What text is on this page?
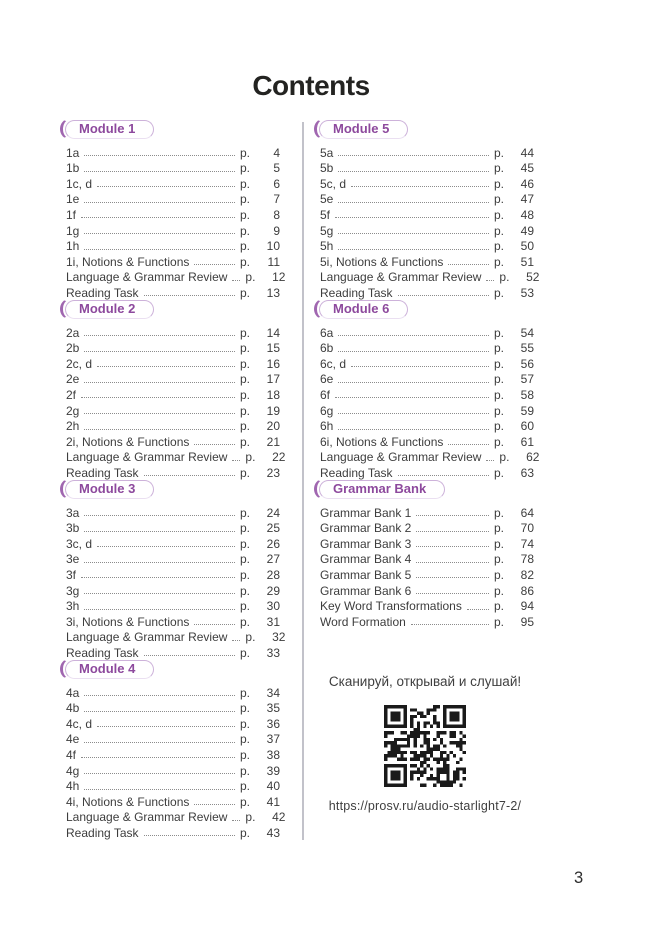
Contents
Module 1
1a	p.	4
1b	p.	5
1c, d	p.	6
1e	p.	7
1f	p.	8
1g	p.	9
1h	p.	10
1i, Notions & Functions	p.	11
Language & Grammar Review p.	12
Reading Task	p.	13
Module 2
2a	p.	14
2b	p.	15
2c, d	p.	16
2e	p.	17
2f	p.	18
2g	p.	19
2h	p.	20
2i, Notions & Functions	p.	21
Language & Grammar Review p.	22
Reading Task	p.	23
Module 3
3a	p.	24
3b	p.	25
3c, d	p.	26
3e	p.	27
3f	p.	28
3g	p.	29
3h	p.	30
3i, Notions & Functions	p.	31
Language & Grammar Review p.	32
Reading Task	p.	33
Module 4
4a	p.	34
4b	p.	35
4c, d	p.	36
4e	p.	37
4f	p.	38
4g	p.	39
4h	p.	40
4i, Notions & Functions	p.	41
Language & Grammar Review p.	42
Reading Task	p.	43
Module 5
5a	p.	44
5b	p.	45
5c, d	p.	46
5e	p.	47
5f	p.	48
5g	p.	49
5h	p.	50
5i, Notions & Functions	p.	51
Language & Grammar Review p.	52
Reading Task	p.	53
Module 6
6a	p.	54
6b	p.	55
6c, d	p.	56
6e	p.	57
6f	p.	58
6g	p.	59
6h	p.	60
6i, Notions & Functions	p.	61
Language & Grammar Review p.	62
Reading Task	p.	63
Grammar Bank
Grammar Bank 1	p.	64
Grammar Bank 2	p.	70
Grammar Bank 3	p.	74
Grammar Bank 4	p.	78
Grammar Bank 5	p.	82
Grammar Bank 6	p.	86
Key Word Transformations	p.	94
Word Formation	p.	95
Сканируй, открывай и слушай!
https://prosv.ru/audio-starlight7-2/
3
